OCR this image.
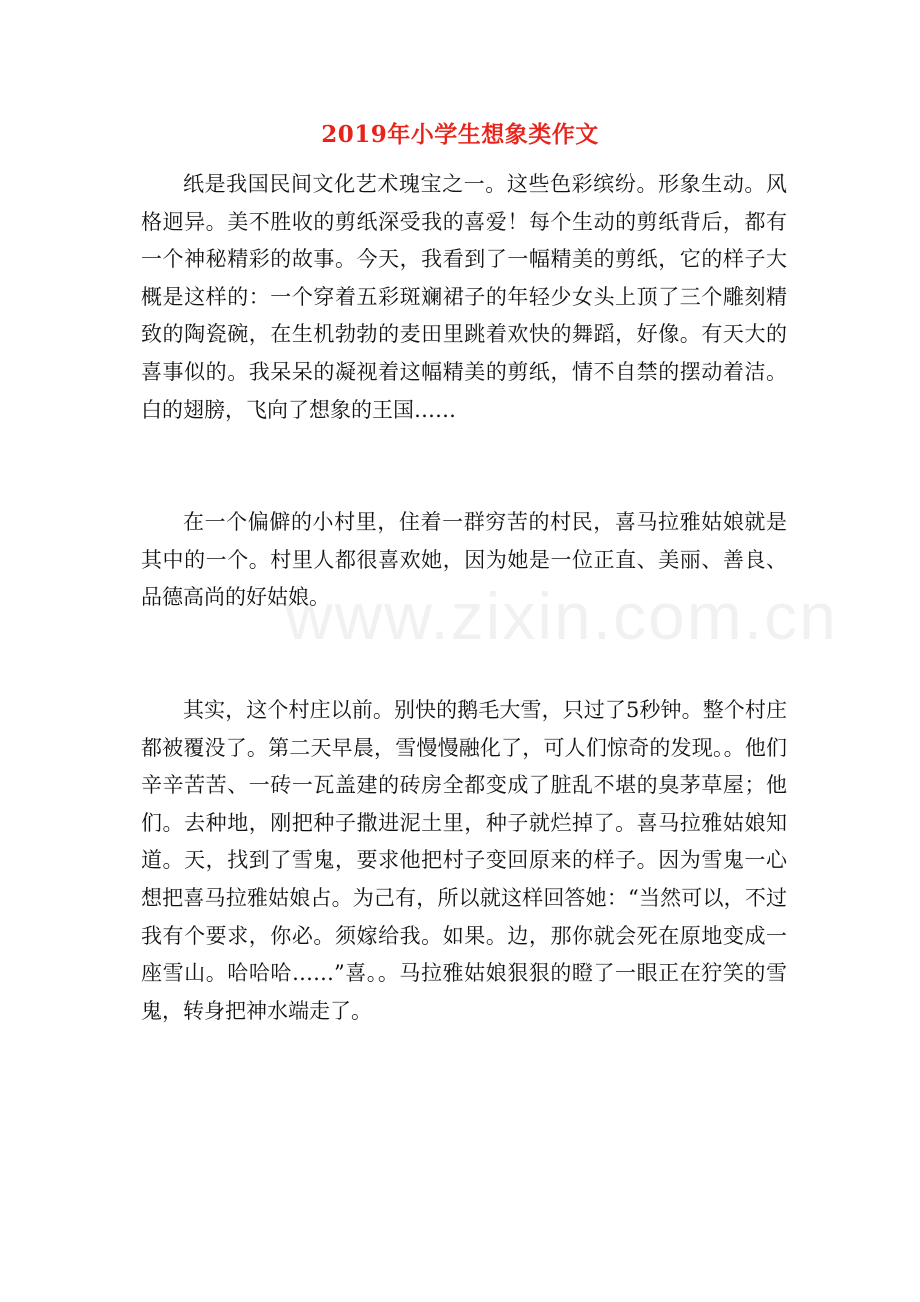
2019年小学生想象类作文

纸是我国民间文化艺术瑰宝之一。这些色彩缤纷。形象生动。风格迥异。美不胜收的剪纸深受我的喜爱！每个生动的剪纸背后，都有一个神秘精彩的故事。今天，我看到了一幅精美的剪纸，它的样子大概是这样的：一个穿着五彩斑斓裙子的年轻少女头上顶了三个雕刻精致的陶瓷碗，在生机勃勃的麦田里跳着欢快的舞蹈，好像。有天大的喜事似的。我呆呆的凝视着这幅精美的剪纸，情不自禁的摆动着洁。白的翅膀，飞向了想象的王国……

在一个偏僻的小村里，住着一群穷苦的村民，喜马拉雅姑娘就是其中的一个。村里人都很喜欢她，因为她是一位正直、美丽、善良、品德高尚的好姑娘。

其实，这个村庄以前。别快的鹅毛大雪，只过了5秒钟。整个村庄都被覆没了。第二天早晨，雪慢慢融化了，可人们惊奇的发现。。他们辛辛苦苦、一砖一瓦盖建的砖房全都变成了脏乱不堪的臭茅草屋；他们。去种地，刚把种子撒进泥土里，种子就烂掉了。喜马拉雅姑娘知道。天，找到了雪鬼，要求他把村子变回原来的样子。因为雪鬼一心想把喜马拉雅姑娘占。为己有，所以就这样回答她：“当然可以，不过我有个要求，你必。须嫁给我。如果。边，那你就会死在原地变成一座雪山。哈哈哈……”喜。。马拉雅姑娘狠狠的瞪了一眼正在狞笑的雪鬼，转身把神水端走了。

www.zixin.com.cn
